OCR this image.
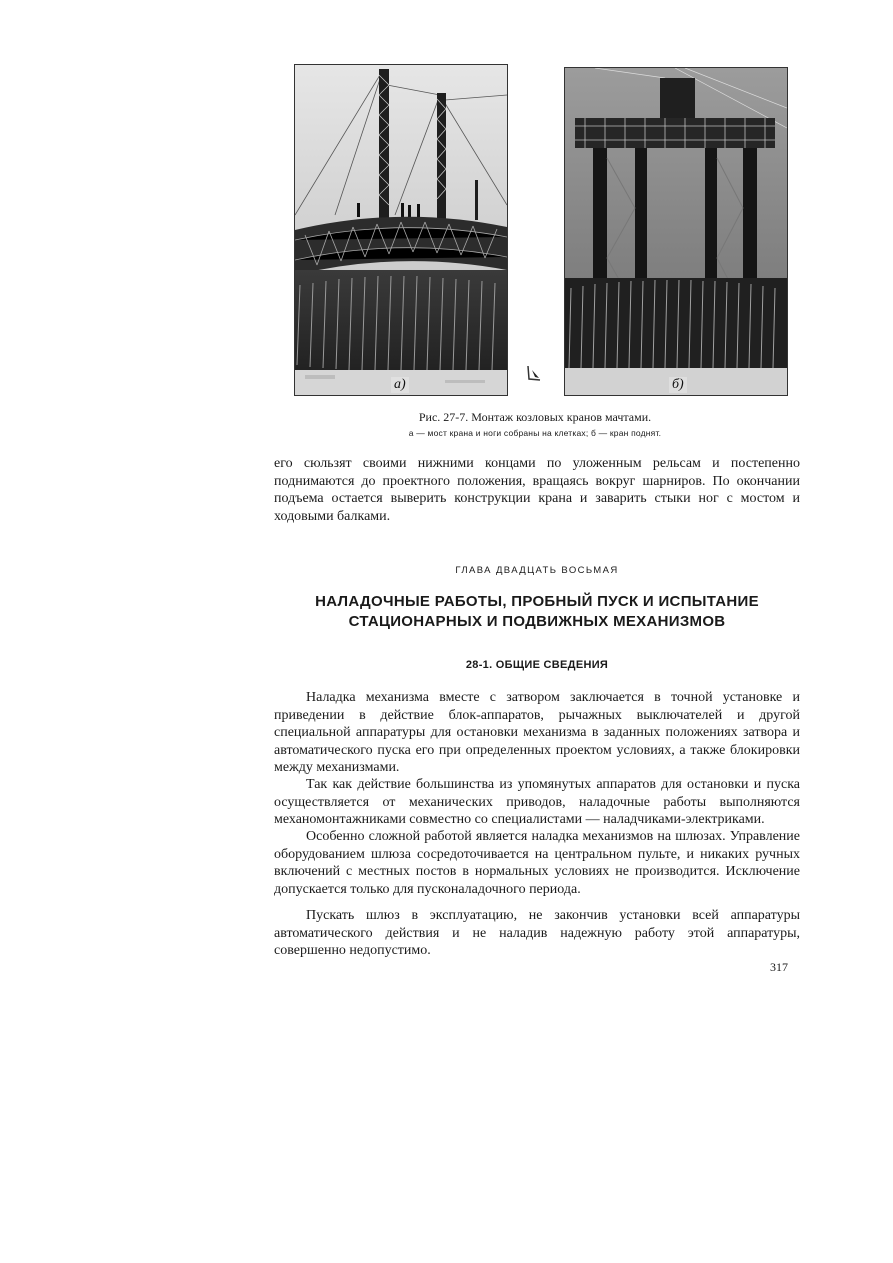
а)	б)
Рис. 27-7. Монтаж козловых кранов мачтами.
а — мост крана и ноги собраны на клетках; б — кран поднят.

его сюльзят своими нижними концами по уложенным рельсам и постепенно поднимаются до проектного положения, вращаясь вокруг шарниров. По окончании подъема остается выверить конструкции крана и заварить стыки ног с мостом и ходовыми балками.

ГЛАВА ДВАДЦАТЬ ВОСЬМАЯ
НАЛАДОЧНЫЕ РАБОТЫ, ПРОБНЫЙ ПУСК И ИСПЫТАНИЕ
СТАЦИОНАРНЫХ И ПОДВИЖНЫХ МЕХАНИЗМОВ
28-1. ОБЩИЕ СВЕДЕНИЯ

Наладка механизма вместе с затвором заключается в точной установке и приведении в действие блок-аппаратов, рычажных выключателей и другой специальной аппаратуры для остановки механизма в заданных положениях затвора и автоматического пуска его при определенных проектом условиях, а также блокировки между механизмами.

Так как действие большинства из упомянутых аппаратов для остановки и пуска осуществляется от механических приводов, наладочные работы выполняются механомонтажниками совместно со специалистами — наладчиками-электриками.

Особенно сложной работой является наладка механизмов на шлюзах. Управление оборудованием шлюза сосредоточивается на центральном пульте, и никаких ручных включений с местных постов в нормальных условиях не производится. Исключение допускается только для пусконаладочного периода.

Пускать шлюз в эксплуатацию, не закончив установки всей аппаратуры автоматического действия и не наладив надежную работу этой аппаратуры, совершенно недопустимо.

317
